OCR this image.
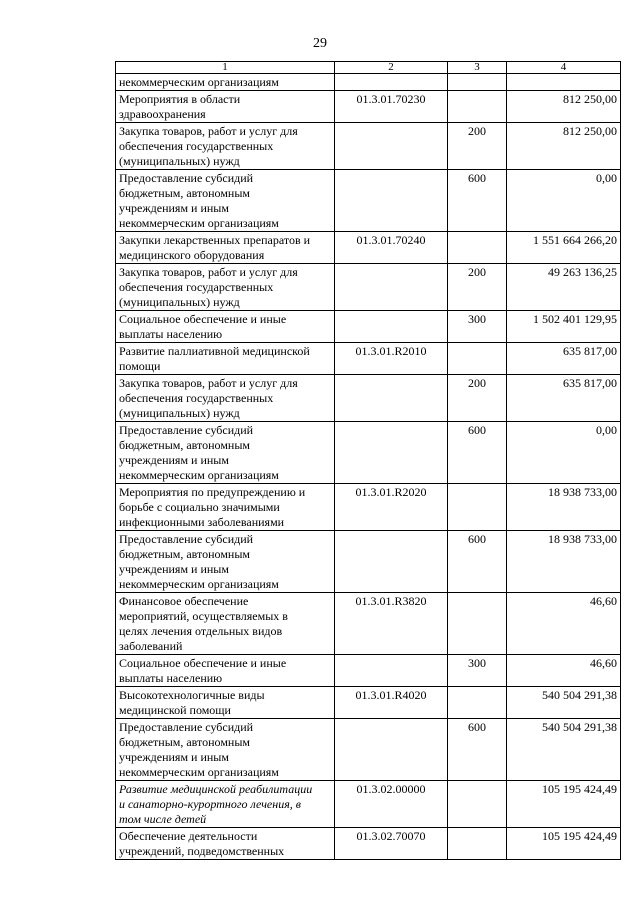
29
1	2	3	4

некоммерческим организациям			

Мероприятия в области
здравоохранения	01.3.01.70230		812 250,00

Закупка товаров, работ и услуг для
обеспечения государственных
(муниципальных) нужд		200	812 250,00

Предоставление субсидий
бюджетным, автономным
учреждениям и иным
некоммерческим организациям		600	0,00

Закупки лекарственных препаратов и
медицинского оборудования	01.3.01.70240		1 551 664 266,20

Закупка товаров, работ и услуг для
обеспечения государственных
(муниципальных) нужд		200	49 263 136,25

Социальное обеспечение и иные
выплаты населению		300	1 502 401 129,95

Развитие паллиативной медицинской
помощи	01.3.01.R2010		635 817,00

Закупка товаров, работ и услуг для
обеспечения государственных
(муниципальных) нужд		200	635 817,00

Предоставление субсидий
бюджетным, автономным
учреждениям и иным
некоммерческим организациям		600	0,00

Мероприятия по предупреждению и
борьбе с социально значимыми
инфекционными заболеваниями	01.3.01.R2020		18 938 733,00

Предоставление субсидий
бюджетным, автономным
учреждениям и иным
некоммерческим организациям		600	18 938 733,00

Финансовое обеспечение
мероприятий, осуществляемых в
целях лечения отдельных видов
заболеваний	01.3.01.R3820		46,60

Социальное обеспечение и иные
выплаты населению		300	46,60

Высокотехнологичные виды
медицинской помощи	01.3.01.R4020		540 504 291,38

Предоставление субсидий
бюджетным, автономным
учреждениям и иным
некоммерческим организациям		600	540 504 291,38

Развитие медицинской реабилитации
и санаторно-курортного лечения, в
том числе детей	01.3.02.00000		105 195 424,49

Обеспечение деятельности
учреждений, подведомственных	01.3.02.70070		105 195 424,49
